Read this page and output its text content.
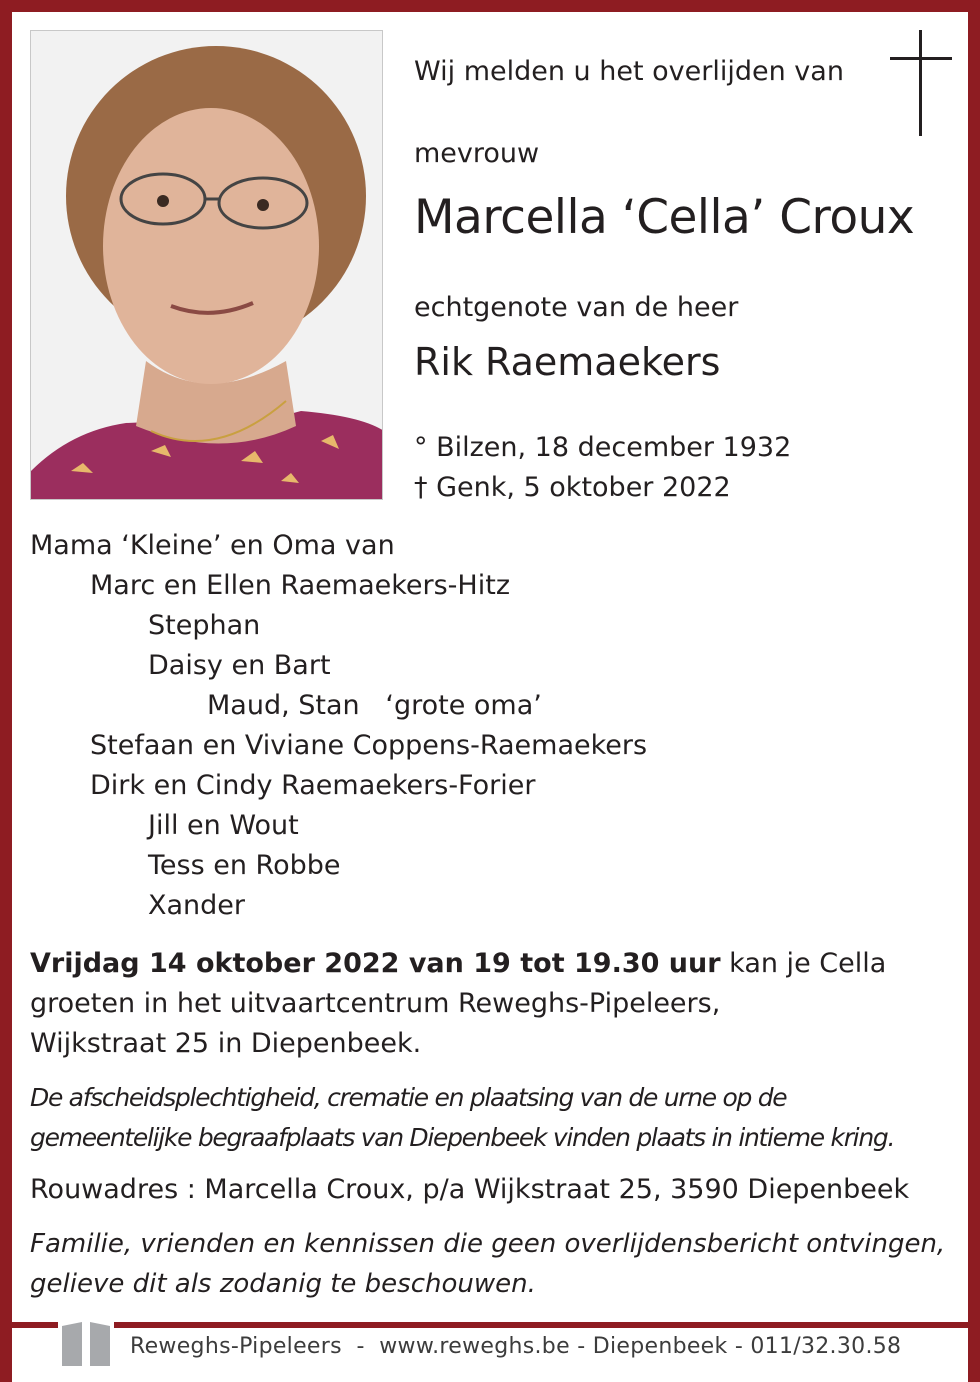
Wij melden u het overlijden van
mevrouw
Marcella ‘Cella’ Croux
echtgenote van de heer
Rik Raemaekers
° Bilzen, 18 december 1932
† Genk, 5 oktober 2022
Mama ‘Kleine’ en Oma van
Marc en Ellen Raemaekers-Hitz
Stephan
Daisy en Bart
Maud, Stan   ‘grote oma’
Stefaan en Viviane Coppens-Raemaekers
Dirk en Cindy Raemaekers-Forier
Jill en Wout
Tess en Robbe
Xander
Vrijdag 14 oktober 2022 van 19 tot 19.30 uur kan je Cella
groeten in het uitvaartcentrum Reweghs-Pipeleers,
Wijkstraat 25 in Diepenbeek.
De afscheidsplechtigheid, crematie en plaatsing van de urne op de
gemeentelijke begraafplaats van Diepenbeek vinden plaats in intieme kring.
Rouwadres : Marcella Croux, p/a Wijkstraat 25, 3590 Diepenbeek
Familie, vrienden en kennissen die geen overlijdensbericht ontvingen,
gelieve dit als zodanig te beschouwen.
Reweghs-Pipeleers  -  www.reweghs.be - Diepenbeek - 011/32.30.58
